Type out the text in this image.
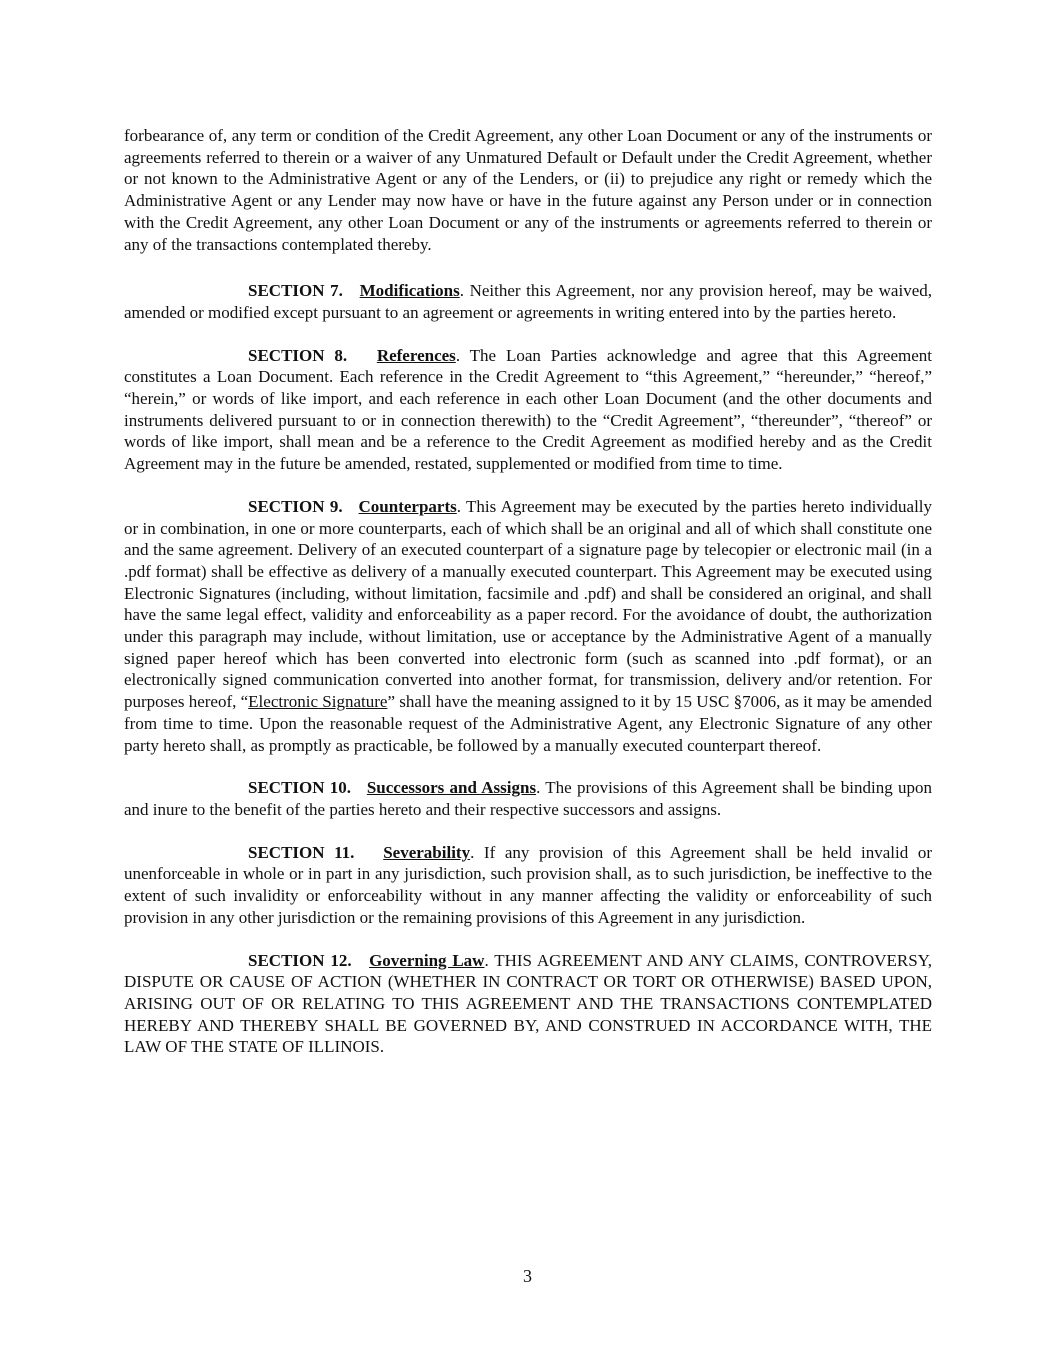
forbearance of, any term or condition of the Credit Agreement, any other Loan Document or any of the instruments or agreements referred to therein or a waiver of any Unmatured Default or Default under the Credit Agreement, whether or not known to the Administrative Agent or any of the Lenders, or (ii) to prejudice any right or remedy which the Administrative Agent or any Lender may now have or have in the future against any Person under or in connection with the Credit Agreement, any other Loan Document or any of the instruments or agreements referred to therein or any of the transactions contemplated thereby.

SECTION 7. Modifications. Neither this Agreement, nor any provision hereof, may be waived, amended or modified except pursuant to an agreement or agreements in writing entered into by the parties hereto.

SECTION 8. References. The Loan Parties acknowledge and agree that this Agreement constitutes a Loan Document. Each reference in the Credit Agreement to “this Agreement,” “hereunder,” “hereof,” “herein,” or words of like import, and each reference in each other Loan Document (and the other documents and instruments delivered pursuant to or in connection therewith) to the “Credit Agreement”, “thereunder”, “thereof” or words of like import, shall mean and be a reference to the Credit Agreement as modified hereby and as the Credit Agreement may in the future be amended, restated, supplemented or modified from time to time.

SECTION 9. Counterparts. This Agreement may be executed by the parties hereto individually or in combination, in one or more counterparts, each of which shall be an original and all of which shall constitute one and the same agreement. Delivery of an executed counterpart of a signature page by telecopier or electronic mail (in a .pdf format) shall be effective as delivery of a manually executed counterpart. This Agreement may be executed using Electronic Signatures (including, without limitation, facsimile and .pdf) and shall be considered an original, and shall have the same legal effect, validity and enforceability as a paper record. For the avoidance of doubt, the authorization under this paragraph may include, without limitation, use or acceptance by the Administrative Agent of a manually signed paper hereof which has been converted into electronic form (such as scanned into .pdf format), or an electronically signed communication converted into another format, for transmission, delivery and/or retention. For purposes hereof, “Electronic Signature” shall have the meaning assigned to it by 15 USC §7006, as it may be amended from time to time. Upon the reasonable request of the Administrative Agent, any Electronic Signature of any other party hereto shall, as promptly as practicable, be followed by a manually executed counterpart thereof.

SECTION 10. Successors and Assigns. The provisions of this Agreement shall be binding upon and inure to the benefit of the parties hereto and their respective successors and assigns.

SECTION 11. Severability. If any provision of this Agreement shall be held invalid or unenforceable in whole or in part in any jurisdiction, such provision shall, as to such jurisdiction, be ineffective to the extent of such invalidity or enforceability without in any manner affecting the validity or enforceability of such provision in any other jurisdiction or the remaining provisions of this Agreement in any jurisdiction.

SECTION 12. Governing Law. THIS AGREEMENT AND ANY CLAIMS, CONTROVERSY, DISPUTE OR CAUSE OF ACTION (WHETHER IN CONTRACT OR TORT OR OTHERWISE) BASED UPON, ARISING OUT OF OR RELATING TO THIS AGREEMENT AND THE TRANSACTIONS CONTEMPLATED HEREBY AND THEREBY SHALL BE GOVERNED BY, AND CONSTRUED IN ACCORDANCE WITH, THE LAW OF THE STATE OF ILLINOIS.

3
